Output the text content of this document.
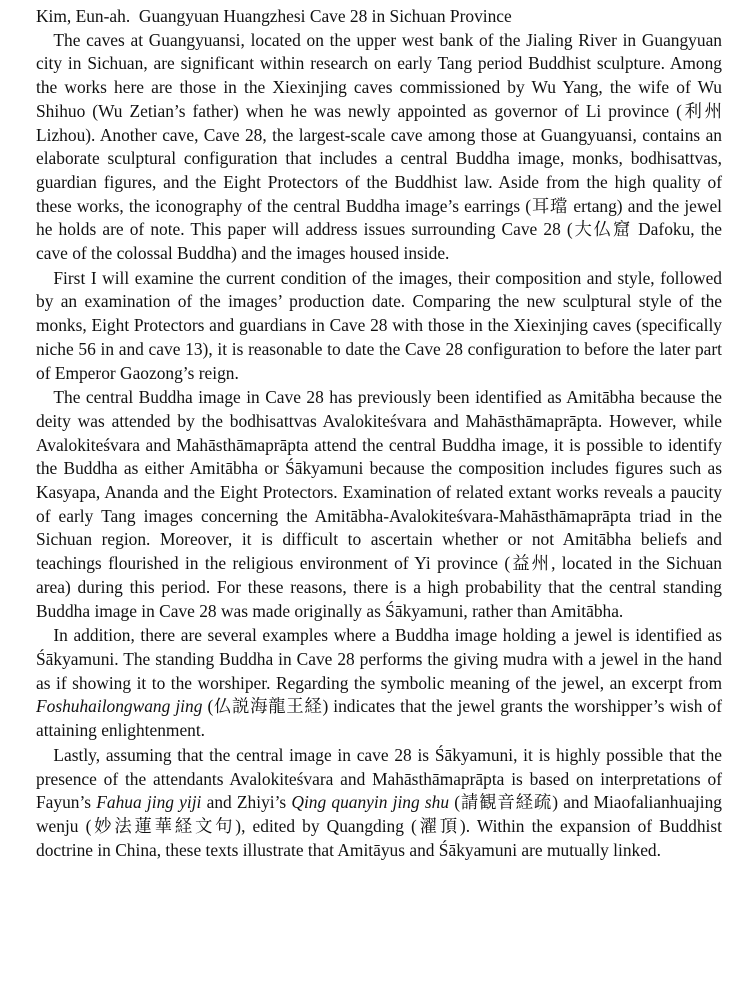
Kim, Eun-ah. Guangyuan Huangzhesi Cave 28 in Sichuan Province

The caves at Guangyuansi, located on the upper west bank of the Jialing River in Guangyuan city in Sichuan, are significant within research on early Tang period Buddhist sculpture. Among the works here are those in the Xiexinjing caves commissioned by Wu Yang, the wife of Wu Shihuo (Wu Zetian’s father) when he was newly appointed as governor of Li province (利州 Lizhou). Another cave, Cave 28, the largest-scale cave among those at Guangyuansi, contains an elaborate sculptural configuration that includes a central Buddha image, monks, bodhisattvas, guardian figures, and the Eight Protectors of the Buddhist law. Aside from the high quality of these works, the iconography of the central Buddha image’s earrings (耳璫 ertang) and the jewel he holds are of note. This paper will address issues surrounding Cave 28 (大仏窟 Dafoku, the cave of the colossal Buddha) and the images housed inside.

First I will examine the current condition of the images, their composition and style, followed by an examination of the images’ production date. Comparing the new sculptural style of the monks, Eight Protectors and guardians in Cave 28 with those in the Xiexinjing caves (specifically niche 56 in and cave 13), it is reasonable to date the Cave 28 configuration to before the later part of Emperor Gaozong’s reign.

The central Buddha image in Cave 28 has previously been identified as Amitābha because the deity was attended by the bodhisattvas Avalokiteśvara and Mahāsthāmaprāpta. However, while Avalokiteśvara and Mahāsthāmaprāpta attend the central Buddha image, it is possible to identify the Buddha as either Amitābha or Śākyamuni because the composition includes figures such as Kasyapa, Ananda and the Eight Protectors. Examination of related extant works reveals a paucity of early Tang images concerning the Amitābha-Avalokiteśvara-Mahāsthāmaprāpta triad in the Sichuan region. Moreover, it is difficult to ascertain whether or not Amitābha beliefs and teachings flourished in the religious environment of Yi province (益州, located in the Sichuan area) during this period. For these reasons, there is a high probability that the central standing Buddha image in Cave 28 was made originally as Śākyamuni, rather than Amitābha.

In addition, there are several examples where a Buddha image holding a jewel is identified as Śākyamuni. The standing Buddha in Cave 28 performs the giving mudra with a jewel in the hand as if showing it to the worshiper. Regarding the symbolic meaning of the jewel, an excerpt from Foshuhailongwang jing (仏説海龍王経) indicates that the jewel grants the worshipper’s wish of attaining enlightenment.

Lastly, assuming that the central image in cave 28 is Śākyamuni, it is highly possible that the presence of the attendants Avalokiteśvara and Mahāsthāmaprāpta is based on interpretations of Fayun’s Fahua jing yiji and Zhiyi’s Qing quanyin jing shu (請観音経疏) and Miaofalianhuajing wenju (妙法蓮華経文句), edited by Quangding (濯頂). Within the expansion of Buddhist doctrine in China, these texts illustrate that Amitāyus and Śākyamuni are mutually linked.
